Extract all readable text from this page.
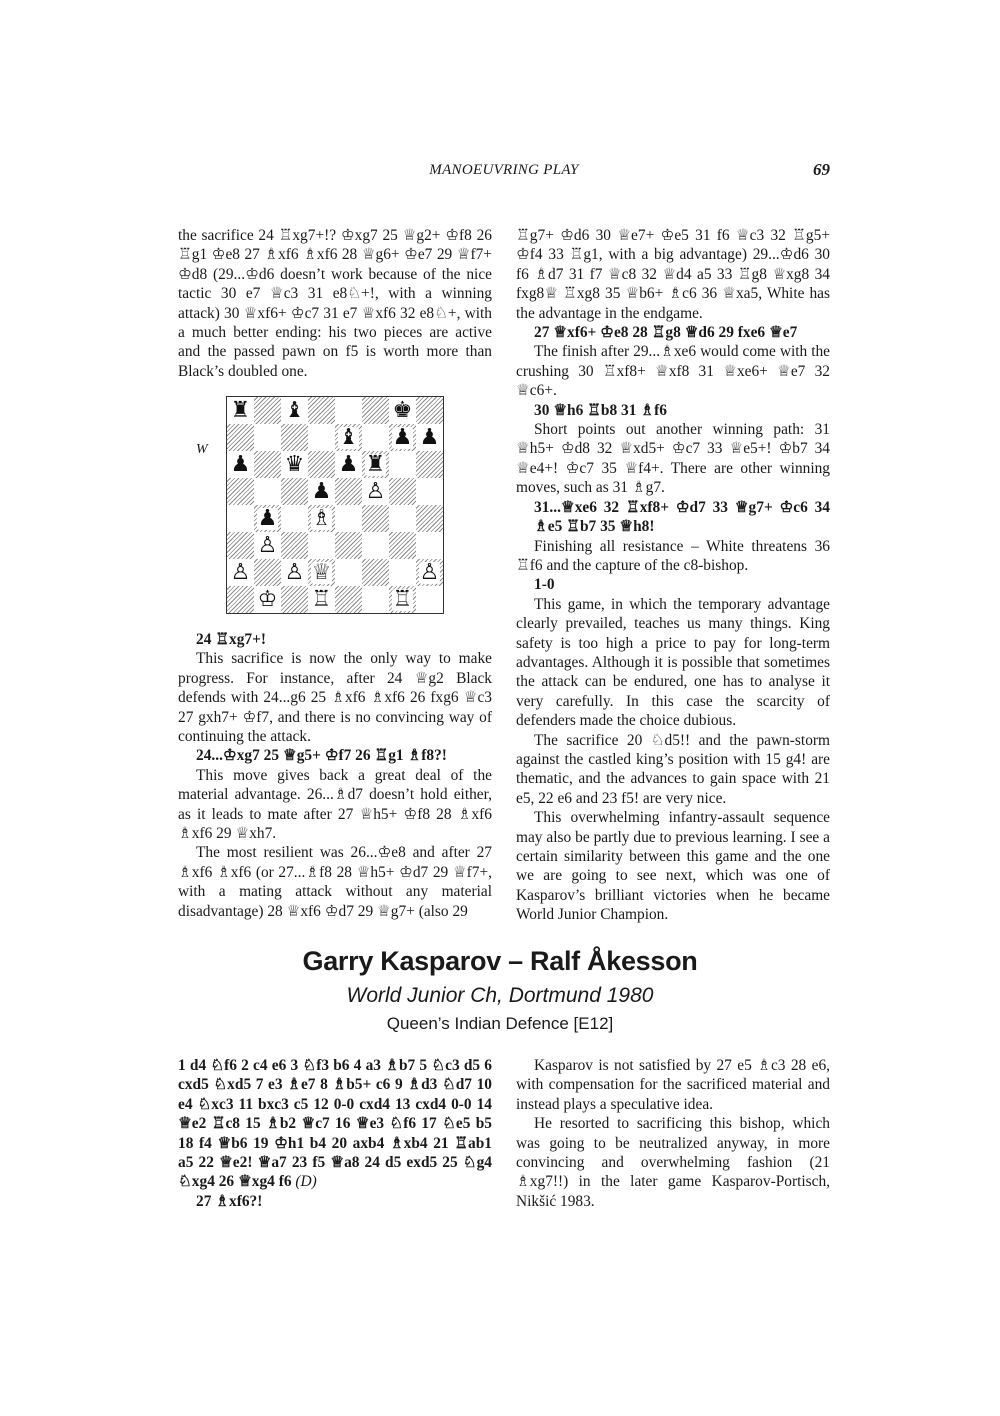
MANOEUVRING PLAY	69

the sacrifice 24 ♖xg7+!? ♔xg7 25 ♕g2+ ♔f8 26 ♖g1 ♔e8 27 ♗xf6 ♗xf6 28 ♕g6+ ♔e7 29 ♕f7+ ♔d8 (29...♔d6 doesn’t work because of the nice tactic 30 e7 ♕c3 31 e8♘+!, with a winning attack) 30 ♕xf6+ ♔c7 31 e7 ♕xf6 32 e8♘+, with a much better ending: his two pieces are active and the passed pawn on f5 is worth more than Black’s doubled one.

W
♜ ♝	♚
♝ ♟ ♟
♟ ♛ ♟ ♜
♟ ♙
♟ ♗
♙
♙ ♙ ♕	♙
♔ ♖	♖

24 ♖xg7+!

This sacrifice is now the only way to make progress. For instance, after 24 ♕g2 Black defends with 24...g6 25 ♗xf6 ♗xf6 26 fxg6 ♕c3 27 gxh7+ ♔f7, and there is no convincing way of continuing the attack.

24...♔xg7 25 ♕g5+ ♔f7 26 ♖g1 ♗f8?!

This move gives back a great deal of the material advantage. 26...♗d7 doesn’t hold either, as it leads to mate after 27 ♕h5+ ♔f8 28 ♗xf6 ♗xf6 29 ♕xh7.

The most resilient was 26...♔e8 and after 27 ♗xf6 ♗xf6 (or 27...♗f8 28 ♕h5+ ♔d7 29 ♕f7+, with a mating attack without any material disadvantage) 28 ♕xf6 ♔d7 29 ♕g7+ (also 29

♖g7+ ♔d6 30 ♕e7+ ♔e5 31 f6 ♕c3 32 ♖g5+ ♔f4 33 ♖g1, with a big advantage) 29...♔d6 30 f6 ♗d7 31 f7 ♕c8 32 ♕d4 a5 33 ♖g8 ♕xg8 34 fxg8♕ ♖xg8 35 ♕b6+ ♗c6 36 ♕xa5, White has the advantage in the endgame.

27 ♕xf6+ ♔e8 28 ♖g8 ♕d6 29 fxe6 ♕e7

The finish after 29...♗xe6 would come with the crushing 30 ♖xf8+ ♕xf8 31 ♕xe6+ ♕e7 32 ♕c6+.

30 ♕h6 ♖b8 31 ♗f6

Short points out another winning path: 31 ♕h5+ ♔d8 32 ♕xd5+ ♔c7 33 ♕e5+! ♔b7 34 ♕e4+! ♔c7 35 ♕f4+. There are other winning moves, such as 31 ♗g7.

31...♕xe6 32 ♖xf8+ ♔d7 33 ♕g7+ ♔c6 34 ♗e5 ♖b7 35 ♕h8!

Finishing all resistance – White threatens 36 ♖f6 and the capture of the c8-bishop.

1-0

This game, in which the temporary advantage clearly prevailed, teaches us many things. King safety is too high a price to pay for long-term advantages. Although it is possible that sometimes the attack can be endured, one has to analyse it very carefully. In this case the scarcity of defenders made the choice dubious.

The sacrifice 20 ♘d5!! and the pawn-storm against the castled king’s position with 15 g4! are thematic, and the advances to gain space with 21 e5, 22 e6 and 23 f5! are very nice.

This overwhelming infantry-assault sequence may also be partly due to previous learning. I see a certain similarity between this game and the one we are going to see next, which was one of Kasparov’s brilliant victories when he became World Junior Champion.

Garry Kasparov – Ralf Åkesson
World Junior Ch, Dortmund 1980
Queen’s Indian Defence [E12]

1 d4 ♘f6 2 c4 e6 3 ♘f3 b6 4 a3 ♗b7 5 ♘c3 d5 6 cxd5 ♘xd5 7 e3 ♗e7 8 ♗b5+ c6 9 ♗d3 ♘d7 10 e4 ♘xc3 11 bxc3 c5 12 0-0 cxd4 13 cxd4 0-0 14 ♕e2 ♖c8 15 ♗b2 ♕c7 16 ♕e3 ♘f6 17 ♘e5 b5 18 f4 ♕b6 19 ♔h1 b4 20 axb4 ♗xb4 21 ♖ab1 a5 22 ♕e2! ♕a7 23 f5 ♕a8 24 d5 exd5 25 ♘g4 ♘xg4 26 ♕xg4 f6 (D)

27 ♗xf6?!

Kasparov is not satisfied by 27 e5 ♗c3 28 e6, with compensation for the sacrificed material and instead plays a speculative idea.

He resorted to sacrificing this bishop, which was going to be neutralized anyway, in more convincing and overwhelming fashion (21 ♗xg7!!) in the later game Kasparov-Portisch, Nikšić 1983.
